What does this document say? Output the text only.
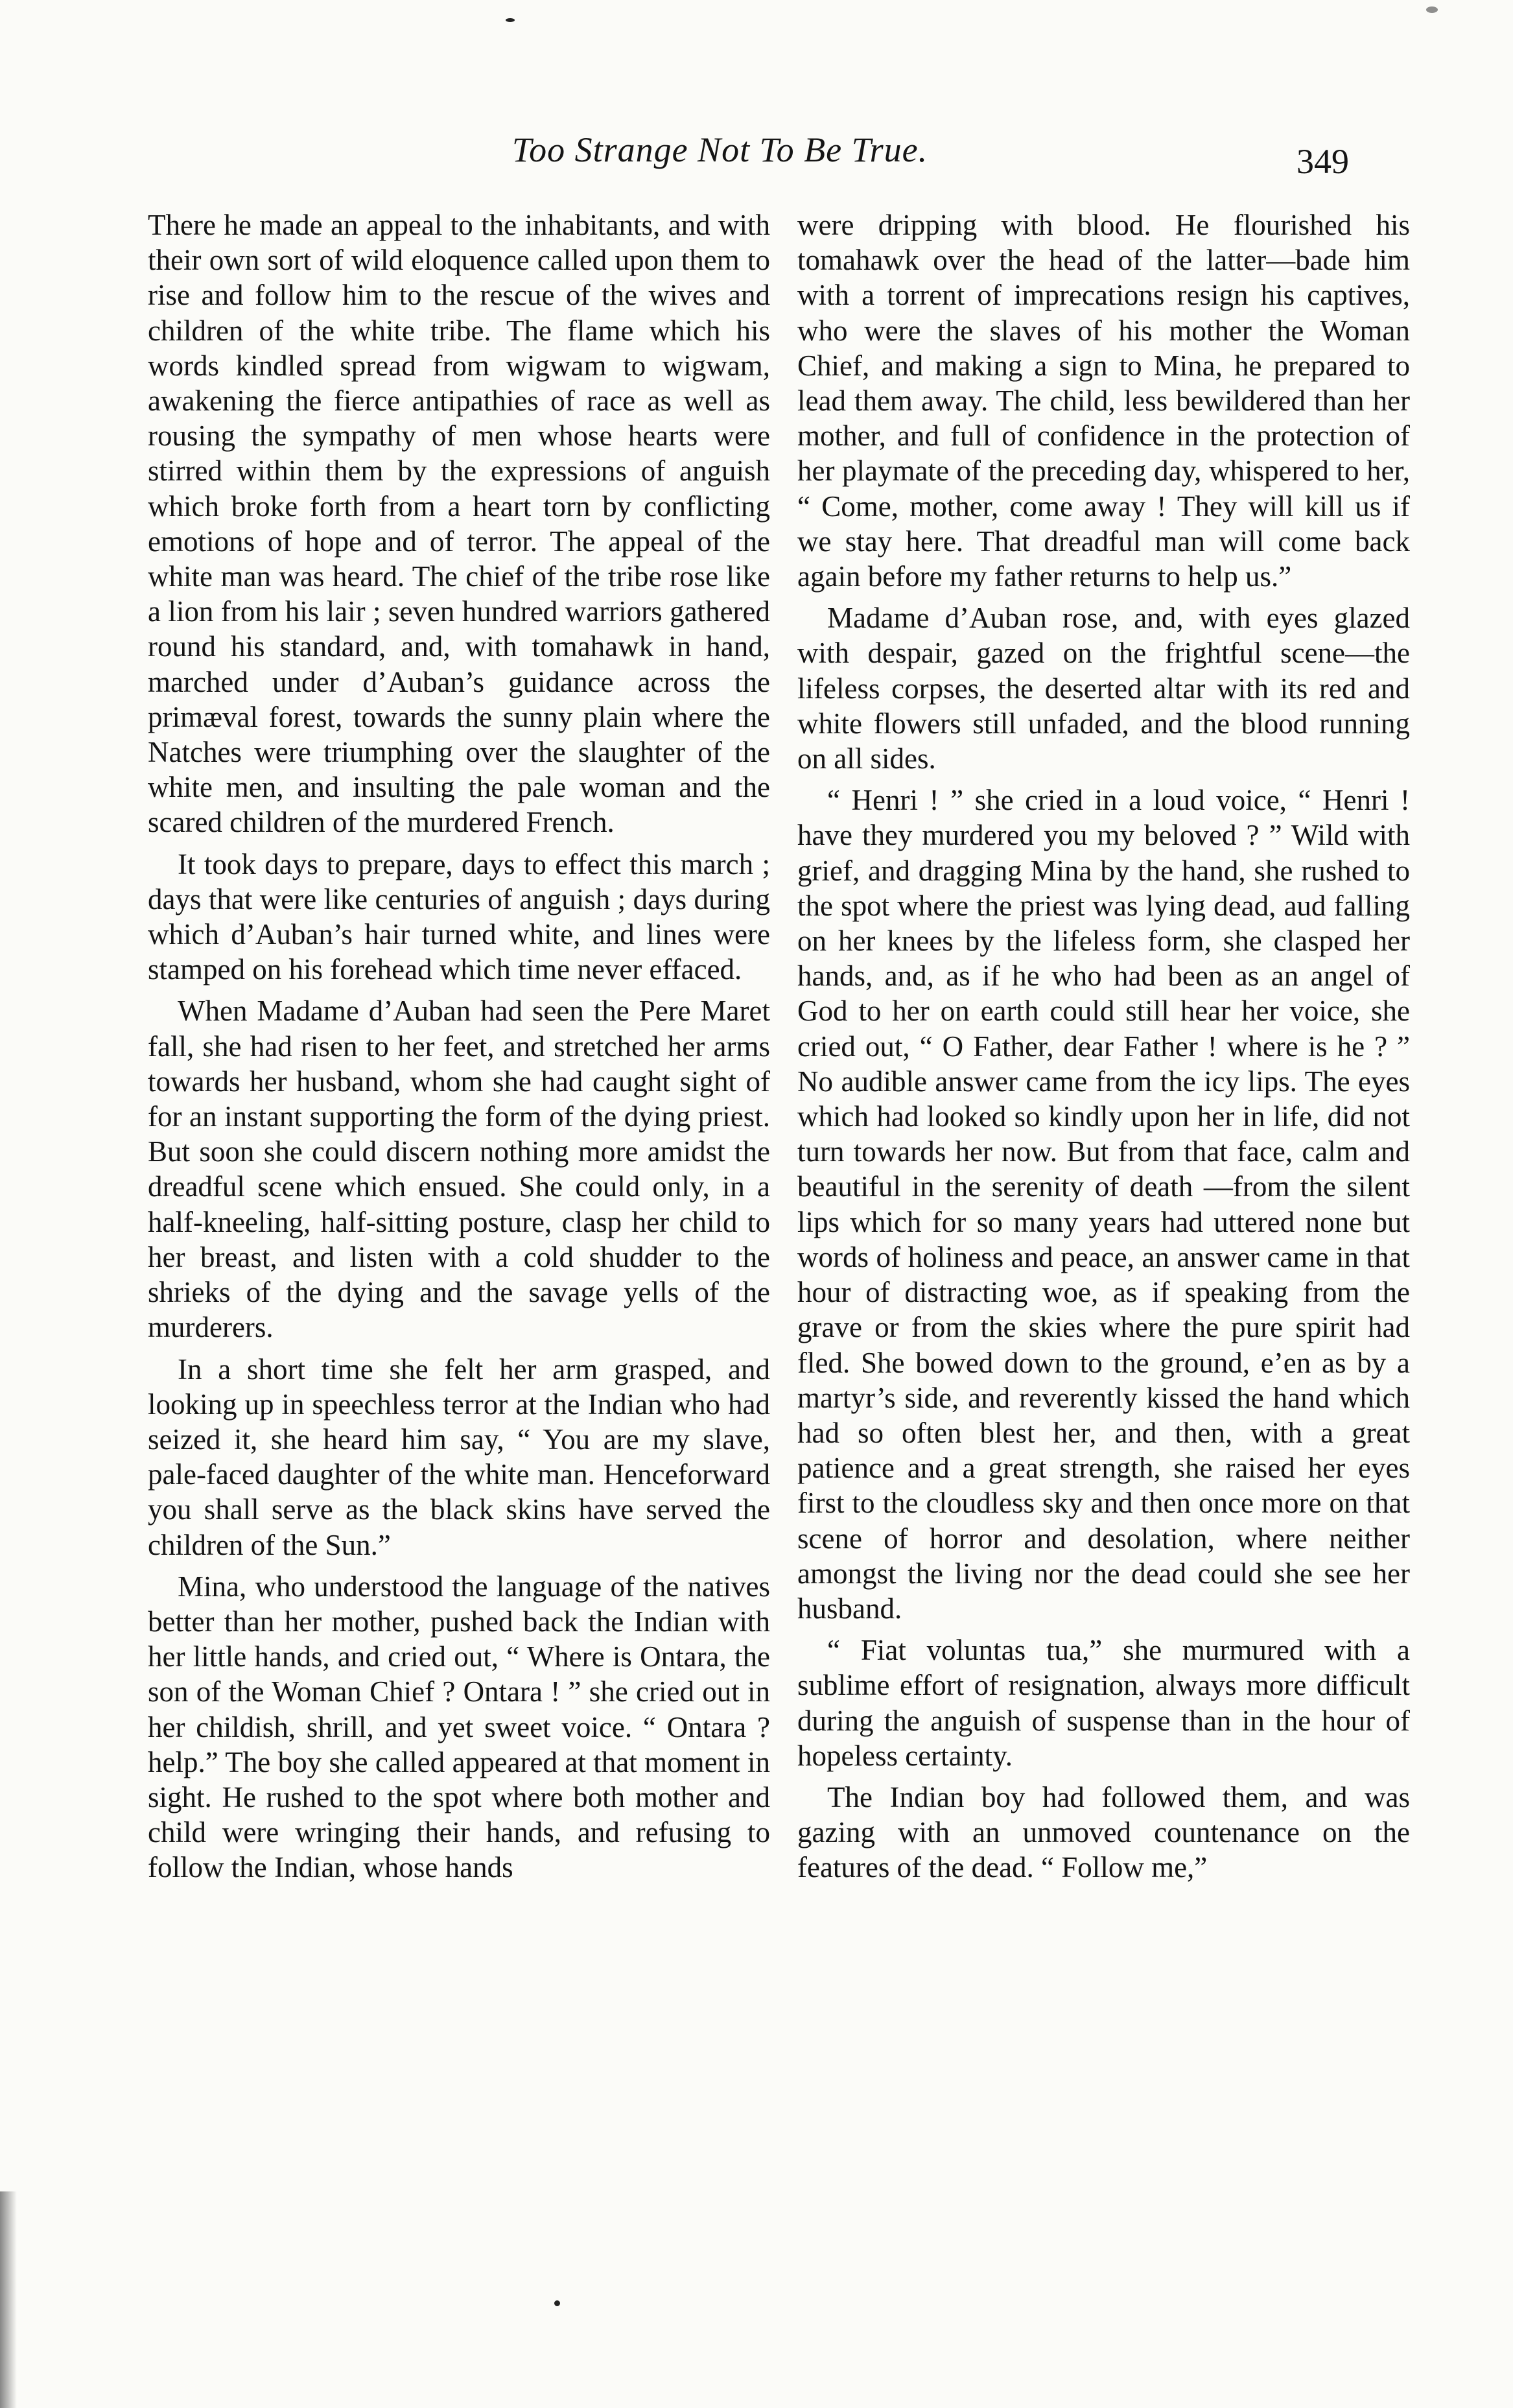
Too Strange Not To Be True.	349

There he made an appeal to the inhabitants, and with their own sort of wild eloquence called upon them to rise and follow him to the rescue of the wives and children of the white tribe. The flame which his words kindled spread from wigwam to wigwam, awakening the fierce antipathies of race as well as rousing the sympathy of men whose hearts were stirred within them by the expressions of anguish which broke forth from a heart torn by conflicting emotions of hope and of terror. The appeal of the white man was heard. The chief of the tribe rose like a lion from his lair ; seven hundred warriors gathered round his standard, and, with tomahawk in hand, marched under d’Auban’s guidance across the primæval forest, towards the sunny plain where the Natches were triumphing over the slaughter of the white men, and insulting the pale woman and the scared children of the murdered French.

It took days to prepare, days to effect this march ; days that were like centuries of anguish ; days during which d’Auban’s hair turned white, and lines were stamped on his forehead which time never effaced.

When Madame d’Auban had seen the Pere Maret fall, she had risen to her feet, and stretched her arms towards her husband, whom she had caught sight of for an instant supporting the form of the dying priest. But soon she could discern nothing more amidst the dreadful scene which ensued. She could only, in a half-kneeling, half-sitting posture, clasp her child to her breast, and listen with a cold shudder to the shrieks of the dying and the savage yells of the murderers.

In a short time she felt her arm grasped, and looking up in speechless terror at the Indian who had seized it, she heard him say, “ You are my slave, pale-faced daughter of the white man. Henceforward you shall serve as the black skins have served the children of the Sun.”

Mina, who understood the language of the natives better than her mother, pushed back the Indian with her little hands, and cried out, “ Where is Ontara, the son of the Woman Chief ? Ontara ! ” she cried out in her childish, shrill, and yet sweet voice. “ Ontara ? help.” The boy she called appeared at that moment in sight. He rushed to the spot where both mother and child were wringing their hands, and refusing to follow the Indian, whose hands

were dripping with blood. He flourished his tomahawk over the head of the latter—bade him with a torrent of imprecations resign his captives, who were the slaves of his mother the Woman Chief, and making a sign to Mina, he prepared to lead them away. The child, less bewildered than her mother, and full of confidence in the protection of her playmate of the preceding day, whispered to her, “ Come, mother, come away ! They will kill us if we stay here. That dreadful man will come back again before my father returns to help us.”

Madame d’Auban rose, and, with eyes glazed with despair, gazed on the frightful scene—the lifeless corpses, the deserted altar with its red and white flowers still unfaded, and the blood running on all sides.

“ Henri ! ” she cried in a loud voice, “ Henri ! have they murdered you my beloved ? ” Wild with grief, and dragging Mina by the hand, she rushed to the spot where the priest was lying dead, aud falling on her knees by the lifeless form, she clasped her hands, and, as if he who had been as an angel of God to her on earth could still hear her voice, she cried out, “ O Father, dear Father ! where is he ? ” No audible answer came from the icy lips. The eyes which had looked so kindly upon her in life, did not turn towards her now. But from that face, calm and beautiful in the serenity of death —from the silent lips which for so many years had uttered none but words of holiness and peace, an answer came in that hour of distracting woe, as if speaking from the grave or from the skies where the pure spirit had fled. She bowed down to the ground, e’en as by a martyr’s side, and reverently kissed the hand which had so often blest her, and then, with a great patience and a great strength, she raised her eyes first to the cloudless sky and then once more on that scene of horror and desolation, where neither amongst the living nor the dead could she see her husband.

“ Fiat voluntas tua,” she murmured with a sublime effort of resignation, always more difficult during the anguish of suspense than in the hour of hopeless certainty.

The Indian boy had followed them, and was gazing with an unmoved countenance on the features of the dead. “ Follow me,”
